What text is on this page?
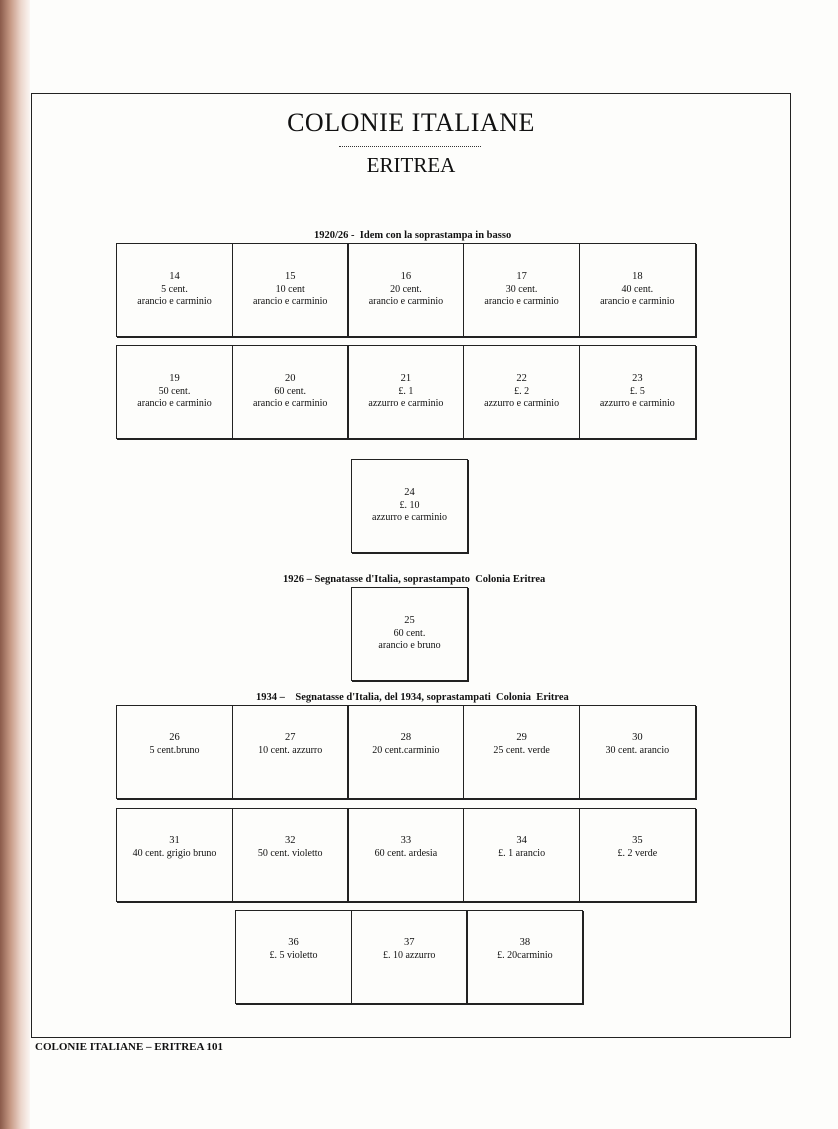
COLONIE ITALIANE
ERITREA
1920/26 -  Idem con la soprastampa in basso
14
5 cent.
arancio e carminio
15
10 cent
arancio e carminio
16
20 cent.
arancio e carminio
17
30 cent.
arancio e carminio
18
40 cent.
arancio e carminio
19
50 cent.
arancio e carminio
20
60 cent.
arancio e carminio
21
£. 1
azzurro e carminio
22
£. 2
azzurro e carminio
23
£. 5
azzurro e carminio
24
£. 10
azzurro e carminio
1926 – Segnatasse d'Italia, soprastampato  Colonia Eritrea
25
60 cent.
arancio e bruno
1934 –    Segnatasse d'Italia, del 1934, soprastampati  Colonia  Eritrea
26
5 cent.bruno
27
10 cent. azzurro
28
20 cent.carminio
29
25 cent. verde
30
30 cent. arancio
31
40 cent. grigio bruno
32
50 cent. violetto
33
60 cent. ardesia
34
£. 1 arancio
35
£. 2 verde
36
£. 5 violetto
37
£. 10 azzurro
38
£. 20carminio
COLONIE ITALIANE – ERITREA 101
